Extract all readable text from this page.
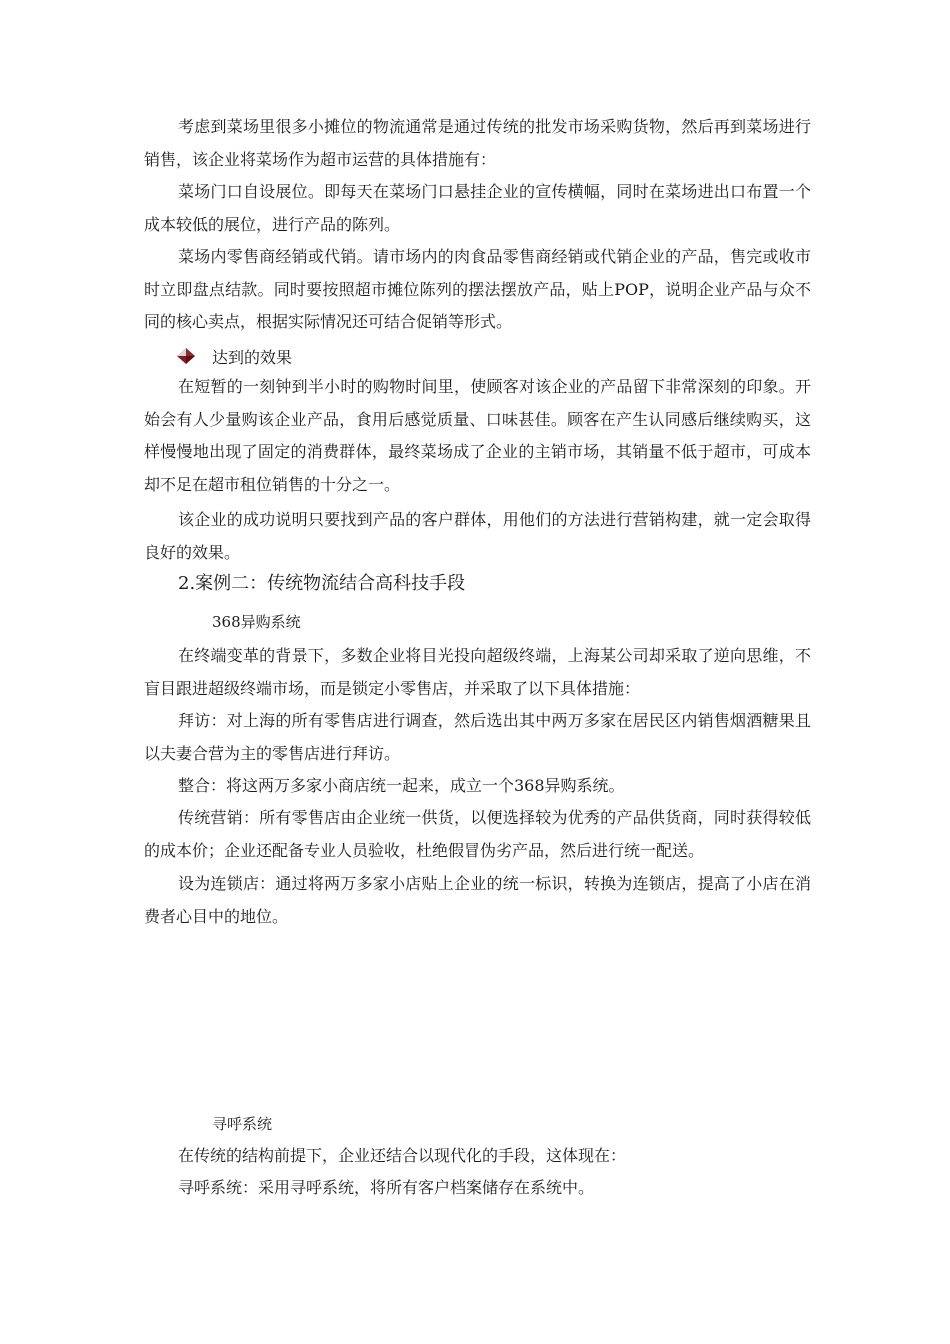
考虑到菜场里很多小摊位的物流通常是通过传统的批发市场采购货物，然后再到菜场进行销售，该企业将菜场作为超市运营的具体措施有：

菜场门口自设展位。即每天在菜场门口悬挂企业的宣传横幅，同时在菜场进出口布置一个成本较低的展位，进行产品的陈列。

菜场内零售商经销或代销。请市场内的肉食品零售商经销或代销企业的产品，售完或收市时立即盘点结款。同时要按照超市摊位陈列的摆法摆放产品，贴上POP，说明企业产品与众不同的核心卖点，根据实际情况还可结合促销等形式。

达到的效果

在短暂的一刻钟到半小时的购物时间里，使顾客对该企业的产品留下非常深刻的印象。开始会有人少量购该企业产品，食用后感觉质量、口味甚佳。顾客在产生认同感后继续购买，这样慢慢地出现了固定的消费群体，最终菜场成了企业的主销市场，其销量不低于超市，可成本却不足在超市租位销售的十分之一。

该企业的成功说明只要找到产品的客户群体，用他们的方法进行营销构建，就一定会取得良好的效果。

2.案例二：传统物流结合高科技手段

368异购系统

在终端变革的背景下，多数企业将目光投向超级终端，上海某公司却采取了逆向思维，不盲目跟进超级终端市场，而是锁定小零售店，并采取了以下具体措施：

拜访：对上海的所有零售店进行调查，然后选出其中两万多家在居民区内销售烟酒糖果且以夫妻合营为主的零售店进行拜访。

整合：将这两万多家小商店统一起来，成立一个368异购系统。

传统营销：所有零售店由企业统一供货，以便选择较为优秀的产品供货商，同时获得较低的成本价；企业还配备专业人员验收，杜绝假冒伪劣产品，然后进行统一配送。

设为连锁店：通过将两万多家小店贴上企业的统一标识，转换为连锁店，提高了小店在消费者心目中的地位。

寻呼系统

在传统的结构前提下，企业还结合以现代化的手段，这体现在：

寻呼系统：采用寻呼系统，将所有客户档案储存在系统中。
